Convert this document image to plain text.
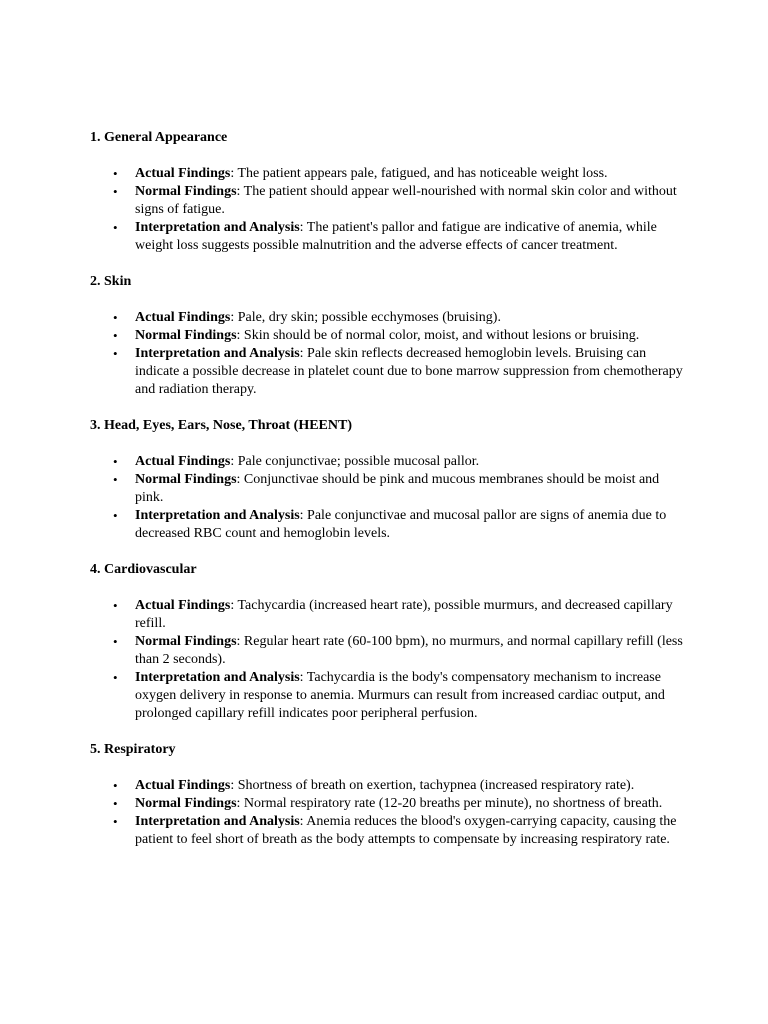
1. General Appearance
• Actual Findings: The patient appears pale, fatigued, and has noticeable weight loss.
• Normal Findings: The patient should appear well-nourished with normal skin color and without signs of fatigue.
• Interpretation and Analysis: The patient's pallor and fatigue are indicative of anemia, while weight loss suggests possible malnutrition and the adverse effects of cancer treatment.
2. Skin
• Actual Findings: Pale, dry skin; possible ecchymoses (bruising).
• Normal Findings: Skin should be of normal color, moist, and without lesions or bruising.
• Interpretation and Analysis: Pale skin reflects decreased hemoglobin levels. Bruising can indicate a possible decrease in platelet count due to bone marrow suppression from chemotherapy and radiation therapy.
3. Head, Eyes, Ears, Nose, Throat (HEENT)
• Actual Findings: Pale conjunctivae; possible mucosal pallor.
• Normal Findings: Conjunctivae should be pink and mucous membranes should be moist and pink.
• Interpretation and Analysis: Pale conjunctivae and mucosal pallor are signs of anemia due to decreased RBC count and hemoglobin levels.
4. Cardiovascular
• Actual Findings: Tachycardia (increased heart rate), possible murmurs, and decreased capillary refill.
• Normal Findings: Regular heart rate (60-100 bpm), no murmurs, and normal capillary refill (less than 2 seconds).
• Interpretation and Analysis: Tachycardia is the body's compensatory mechanism to increase oxygen delivery in response to anemia. Murmurs can result from increased cardiac output, and prolonged capillary refill indicates poor peripheral perfusion.
5. Respiratory
• Actual Findings: Shortness of breath on exertion, tachypnea (increased respiratory rate).
• Normal Findings: Normal respiratory rate (12-20 breaths per minute), no shortness of breath.
• Interpretation and Analysis: Anemia reduces the blood's oxygen-carrying capacity, causing the patient to feel short of breath as the body attempts to compensate by increasing respiratory rate.
